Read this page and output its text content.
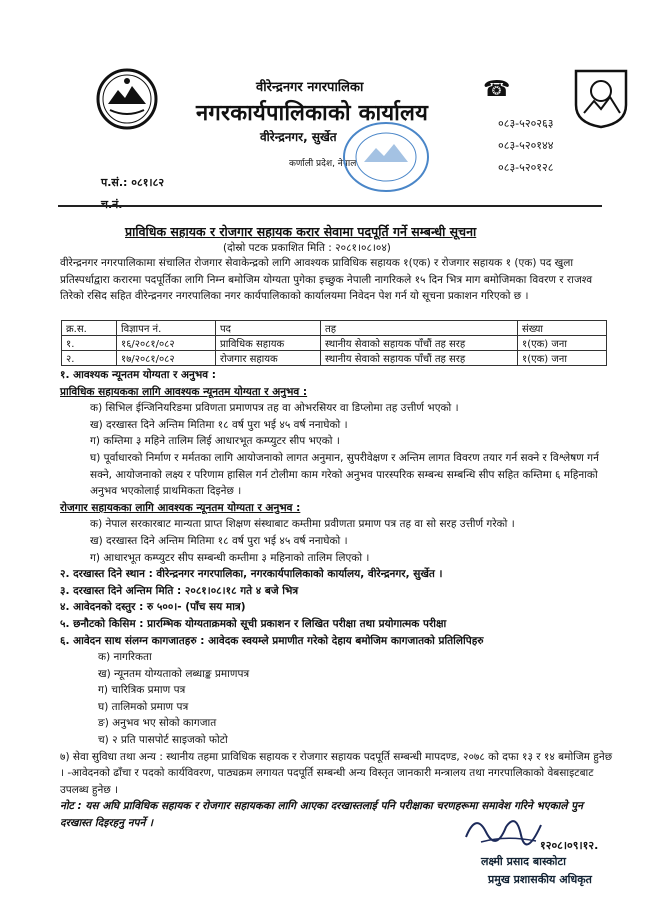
वीरेन्द्रनगर नगरपालिका
नगरकार्यपालिकाको कार्यालय
वीरेन्द्रनगर, सुर्खेत
कर्णाली प्रदेश, नेपाल
☎
०८३-५२०२६३
०८३-५२०१४४
०८३-५२०१२८
प.सं.: ०८१।८२
प्राविधिक सहायक र रोजगार सहायक करार सेवामा पदपूर्ति गर्ने सम्बन्धी सूचना
(दोस्रो पटक प्रकाशित मिति : २०८१।०८।०४)
वीरेन्द्रनगर नगरपालिकामा संचालित रोजगार सेवाकेन्द्रको लागि आवश्यक प्राविधिक सहायक १(एक) र रोजगार सहायक १ (एक) पद खुला प्रतिस्पर्धाद्वारा करारमा पदपूर्तिका लागि निम्न बमोजिम योग्यता पुगेका इच्छुक नेपाली नागरिकले १५ दिन भित्र माग बमोजिमका विवरण र राजश्व तिरेको रसिद सहित वीरेन्द्रनगर नगरपालिका नगर कार्यपालिकाको कार्यालयमा निवेदन पेश गर्न यो सूचना प्रकाशन गरिएको छ ।
क्र.स.	विज्ञापन नं.	पद	तह	संख्या
१.	१६/२०८१/०८२	प्राविधिक सहायक	स्थानीय सेवाको सहायक पाँचौं तह सरह	१(एक) जना
२.	१७/२०८१/०८२	रोजगार सहायक	स्थानीय सेवाको सहायक पाँचौं तह सरह	१(एक) जना
१. आवश्यक न्यूनतम योग्यता र अनुभव :
प्राविधिक सहायकका लागि आवश्यक न्यूनतम योग्यता र अनुभव :
क) सिभिल ईन्जिनियरिङमा प्रविणता प्रमाणपत्र तह वा ओभरसियर वा डिप्लोमा तह उत्तीर्ण भएको ।
ख) दरखास्त दिने अन्तिम मितिमा १८ वर्ष पुरा भई ४५ वर्ष ननाघेको ।
ग) कम्तिमा ३ महिने तालिम लिई आधारभूत कम्प्युटर सीप भएको ।
घ) पूर्वाधारको निर्माण र मर्मतका लागि आयोजनाको लागत अनुमान, सुपरीवेक्षण र अन्तिम लागत विवरण तयार गर्न सक्ने र विश्लेषण गर्न सक्ने, आयोजनाको लक्ष्य र परिणाम हासिल गर्न टोलीमा काम गरेको अनुभव पारस्परिक सम्बन्ध सम्बन्धि सीप सहित कम्तिमा ६ महिनाको अनुभव भएकोलाई प्राथमिकता दिइनेछ ।
रोजगार सहायकका लागि आवश्यक न्यूनतम योग्यता र अनुभव :
क) नेपाल सरकारबाट मान्यता प्राप्त शिक्षण संस्थाबाट कम्तीमा प्रवीणता प्रमाण पत्र तह वा सो सरह उत्तीर्ण गरेको ।
ख) दरखास्त दिने अन्तिम मितिमा १८ वर्ष पुरा भई ४५ वर्ष ननाघेको ।
ग) आधारभूत कम्प्युटर सीप सम्बन्धी कम्तीमा ३ महिनाको तालिम लिएको ।
२. दरखास्त दिने स्थान : वीरेन्द्रनगर नगरपालिका, नगरकार्यपालिकाको कार्यालय, वीरेन्द्रनगर, सुर्खेत ।
३. दरखास्त दिने अन्तिम मिति : २०८१।०८।१८ गते ४ बजे भित्र
४. आवेदनको दस्तुर : रु ५००।- (पाँच सय मात्र)
५. छनौटको किसिम : प्रारम्भिक योग्यताक्रमको सूची प्रकाशन र लिखित परीक्षा तथा प्रयोगात्मक परीक्षा
६. आवेदन साथ संलग्न कागजातहरु : आवेदक स्वयम्ले प्रमाणीत गरेको देहाय बमोजिम कागजातको प्रतिलिपिहरु
क) नागरिकता
ख) न्यूनतम योग्यताको लब्धाङ्क प्रमाणपत्र
ग) चारित्रिक प्रमाण पत्र
घ) तालिमको प्रमाण पत्र
ङ) अनुभव भए सोको कागजात
च) २ प्रति पासपोर्ट साइजको फोटो
७) सेवा सुविधा तथा अन्य : स्थानीय तहमा प्राविधिक सहायक र रोजगार सहायक पदपूर्ति सम्बन्धी मापदण्ड, २०७८ को दफा १३ र १४ बमोजिम हुनेछ । -आवेदनको ढाँचा र पदको कार्यविवरण, पाठ्यक्रम लगायत पदपूर्ति सम्बन्धी अन्य विस्तृत जानकारी मन्त्रालय तथा नगरपालिकाको वेबसाइटबाट उपलब्ध हुनेछ ।
नोट : यस अघि प्राविधिक सहायक र रोजगार सहायकका लागि आएका दरखास्तलाई पनि परीक्षाका चरणहरूमा समावेश गरिने भएकाले पुन दरखास्त दिइरहनु नपर्ने ।
१२०८।०९।१२.
लक्ष्मी प्रसाद बास्कोटा
प्रमुख प्रशासकीय अधिकृत
